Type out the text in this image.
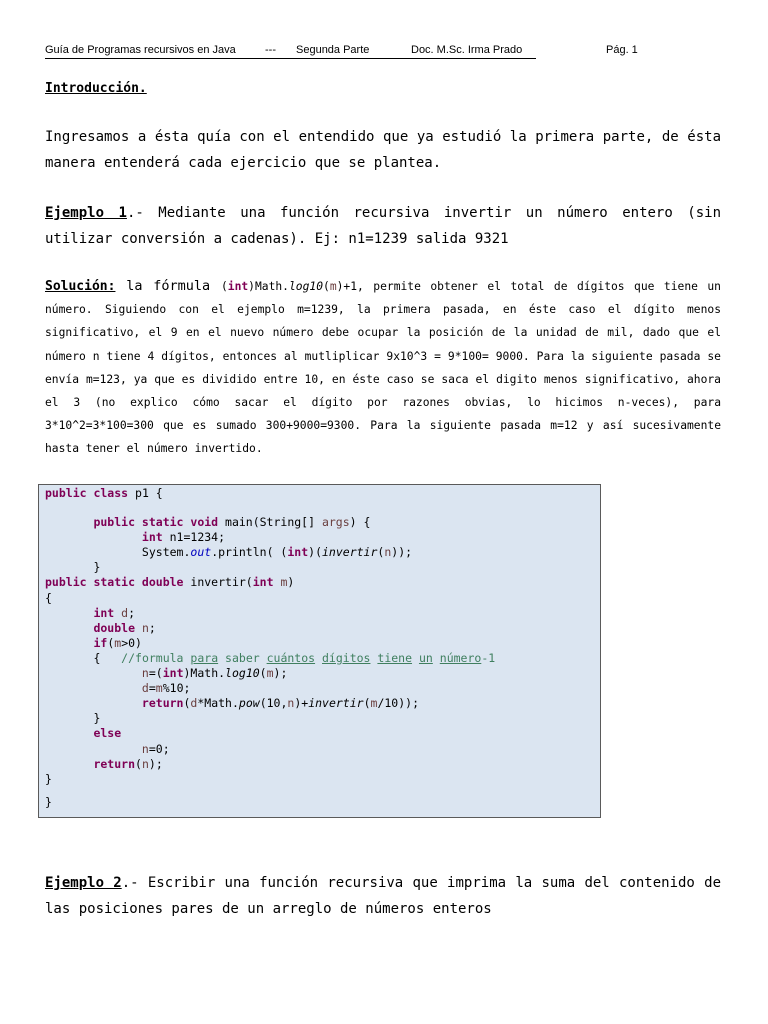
Guía de Programas recursivos en Java	--- Segunda Parte	Doc. M.Sc. Irma Prado	Pág. 1
Introducción.

Ingresamos a ésta quía con el entendido que ya estudió la primera parte, de ésta manera entenderá cada ejercicio que se plantea.

Ejemplo 1.- Mediante una función recursiva invertir un número entero (sin utilizar conversión a cadenas). Ej: n1=1239 salida 9321

Solución: la fórmula (int)Math.log10(m)+1, permite obtener el total de dígitos que tiene un número. Siguiendo con el ejemplo m=1239, la primera pasada, en éste caso el dígito menos significativo, el 9 en el nuevo número debe ocupar la posición de la unidad de mil, dado que el número n tiene 4 dígitos, entonces al mutliplicar 9x10^3 = 9*100= 9000. Para la siguiente pasada se envía m=123, ya que es dividido entre 10, en éste caso se saca el digito menos significativo, ahora el 3 (no explico cómo sacar el dígito por razones obvias, lo hicimos n-veces), para 3*10^2=3*100=300 que es sumado 300+9000=9300. Para la siguiente pasada m=12 y así sucesivamente hasta tener el número invertido.

public class p1 {
public static void main(String[] args) {
int n1=1234;
System.out.println( (int)(invertir(n));
}
public static double invertir(int m)
{
int d;
double n;
if(m>0)
{   //formula para saber cuántos dígitos tiene un número-1
n=(int)Math.log10(m);
d=m%10;
return(d*Math.pow(10,n)+invertir(m/10));
}
else
n=0;
return(n);
}
}

Ejemplo 2.- Escribir una función recursiva que imprima la suma del contenido de las posiciones pares de un arreglo de números enteros
